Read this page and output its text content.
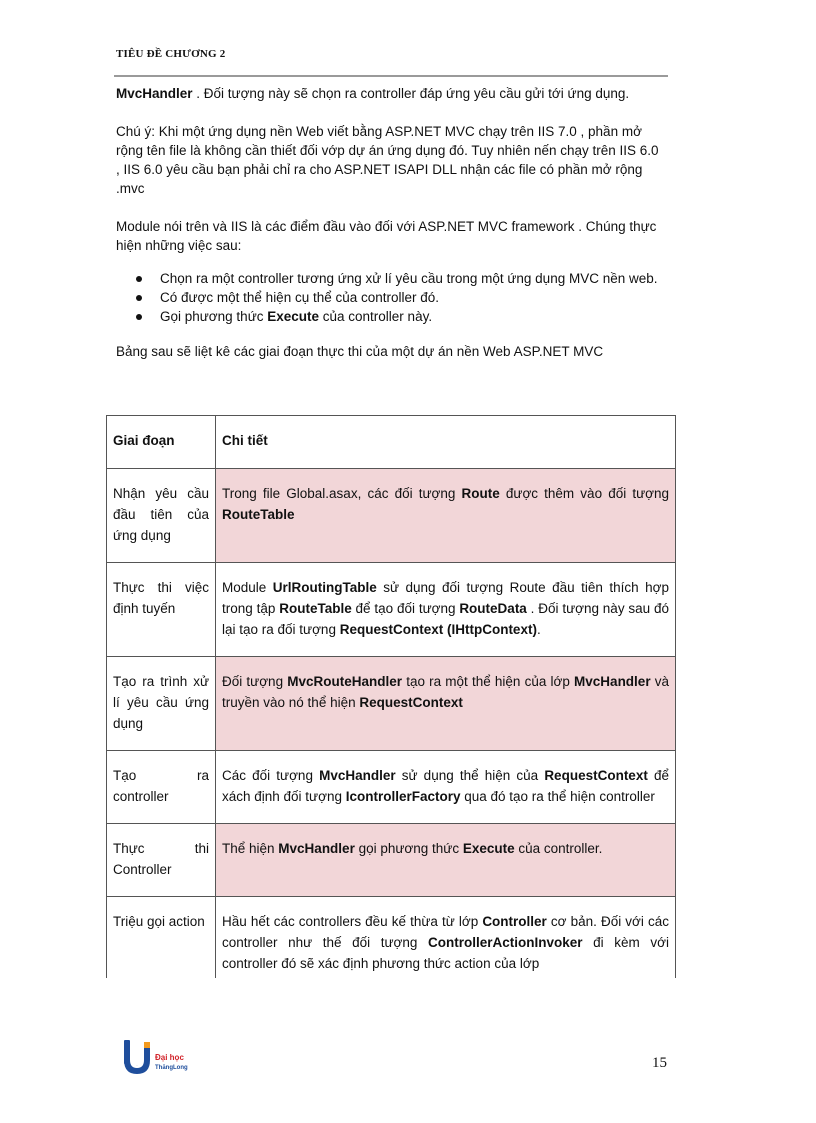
TIÊU ĐỀ CHƯƠNG 2

MvcHandler . Đối tượng này sẽ chọn ra controller đáp ứng yêu cầu gửi tới ứng dụng.

Chú ý: Khi một ứng dụng nền Web viết bằng ASP.NET MVC chạy trên IIS 7.0 , phần mở rộng tên file là không cần thiết đối vớp dự án ứng dụng đó. Tuy nhiên nến chạy trên IIS 6.0 , IIS 6.0 yêu cầu bạn phải chỉ ra cho ASP.NET ISAPI DLL nhận các file có phần mở rộng .mvc

Module nói trên và IIS là các điểm đầu vào đối với ASP.NET MVC framework . Chúng thực hiện những việc sau:

Chọn ra một controller tương ứng xử lí yêu cầu trong một ứng dụng MVC nền web.
Có được một thể hiện cụ thể của controller đó.
Gọi phương thức Execute của controller này.

Bảng sau sẽ liệt kê các giai đoạn thực thi của một dự án nền Web ASP.NET MVC

Giai đoạn	Chi tiết
Nhận yêu cầu đầu tiên của ứng dụng	Trong file Global.asax, các đối tượng Route được thêm vào đối tượng RouteTable
Thực thi việc định tuyến	Module UrlRoutingTable sử dụng đối tượng Route đầu tiên thích hợp trong tập RouteTable để tạo đối tượng RouteData . Đối tượng này sau đó lại tạo ra đối tượng RequestContext (IHttpContext).
Tạo ra trình xử lí yêu cầu ứng dụng	Đối tượng MvcRouteHandler tạo ra một thể hiện của lớp MvcHandler và truyền vào nó thể hiện RequestContext
Tạo ra controller	Các đối tượng MvcHandler sử dụng thể hiện của RequestContext để xách định đối tượng IcontrollerFactory qua đó tạo ra thể hiện controller
Thực thi Controller	Thể hiện MvcHandler gọi phương thức Execute của controller.
Triệu gọi action	Hầu hết các controllers đều kế thừa từ lớp Controller cơ bản. Đối với các controller như thế đối tượng ControllerActionInvoker đi kèm với controller đó sẽ xác định phương thức action của lớp
U
Đại học
ThăngLong	15
